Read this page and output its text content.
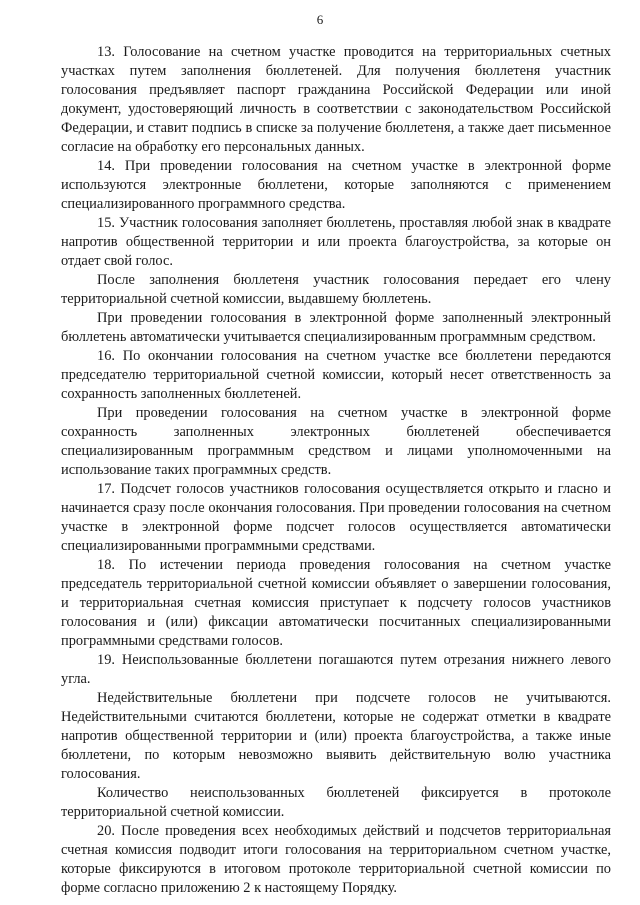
6

13. Голосование на счетном участке проводится на территориальных счетных участках путем заполнения бюллетеней. Для получения бюллетеня участник голосования предъявляет паспорт гражданина Российской Федерации или иной документ, удостоверяющий личность в соответствии с законодательством Российской Федерации, и ставит подпись в списке за получение бюллетеня, а также дает письменное согласие на обработку его персональных данных.

14. При проведении голосования на счетном участке в электронной форме используются электронные бюллетени, которые заполняются с применением специализированного программного средства.

15. Участник голосования заполняет бюллетень, проставляя любой знак в квадрате напротив общественной территории и или проекта благоустройства, за которые он отдает свой голос.

После заполнения бюллетеня участник голосования передает его члену территориальной счетной комиссии, выдавшему бюллетень.

При проведении голосования в электронной форме заполненный электронный бюллетень автоматически учитывается специализированным программным средством.

16. По окончании голосования на счетном участке все бюллетени передаются председателю территориальной счетной комиссии, который несет ответственность за сохранность заполненных бюллетеней.

При проведении голосования на счетном участке в электронной форме сохранность заполненных электронных бюллетеней обеспечивается специализированным программным средством и лицами уполномоченными на использование таких программных средств.

17. Подсчет голосов участников голосования осуществляется открыто и гласно и начинается сразу после окончания голосования. При проведении голосования на счетном участке в электронной форме подсчет голосов осуществляется автоматически специализированными программными средствами.

18. По истечении периода проведения голосования на счетном участке председатель территориальной счетной комиссии объявляет о завершении голосования, и территориальная счетная комиссия приступает к подсчету голосов участников голосования и (или) фиксации автоматически посчитанных специализированными программными средствами голосов.

19. Неиспользованные бюллетени погашаются путем отрезания нижнего левого угла.

Недействительные бюллетени при подсчете голосов не учитываются. Недействительными считаются бюллетени, которые не содержат отметки в квадрате напротив общественной территории и (или) проекта благоустройства, а также иные бюллетени, по которым невозможно выявить действительную волю участника голосования.

Количество неиспользованных бюллетеней фиксируется в протоколе территориальной счетной комиссии.

20. После проведения всех необходимых действий и подсчетов территориальная счетная комиссия подводит итоги голосования на территориальном счетном участке, которые фиксируются в итоговом протоколе территориальной счетной комиссии по форме согласно приложению 2 к настоящему Порядку.
